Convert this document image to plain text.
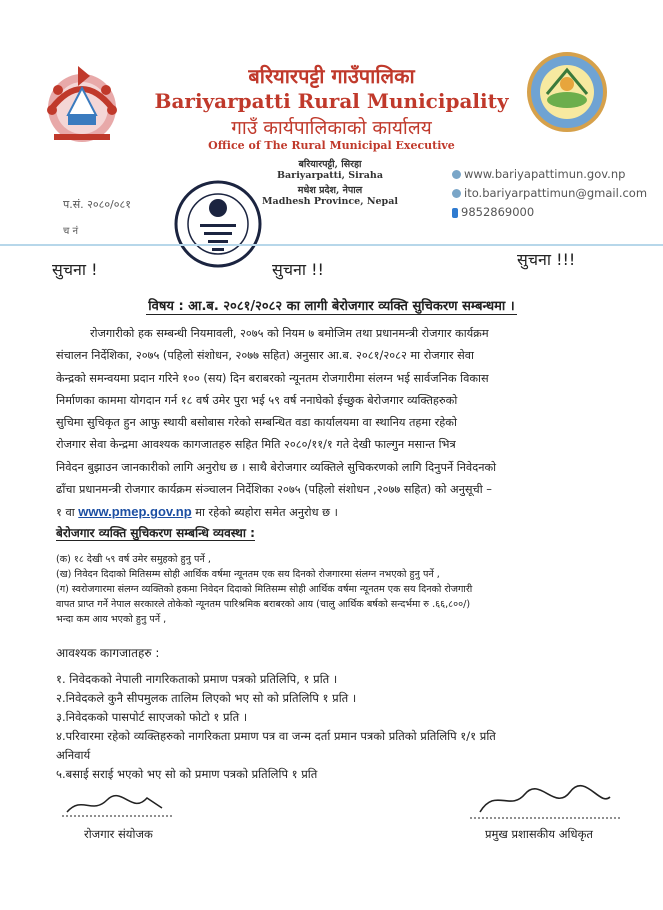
बरियारपट्टी गाउँपालिका
Bariyarpatti Rural Municipality
गाउँ कार्यपालिकाको कार्यालय
Office of The Rural Municipal Executive
बरियारपट्टी, सिरहा
Bariyarpatti, Siraha
मधेश प्रदेश, नेपाल
Madhesh Province, Nepal
www.bariyapattimun.gov.np
ito.bariyarpattimun@gmail.com
9852869000
प.सं. २०८०/०८१
च नं
सुचना !	सुचना !!
सुचना !!!
विषय : आ.ब. २०८१/२०८२ का लागी बेरोजगार व्यक्ति सुचिकरण सम्बन्धमा ।
रोजगारीको हक सम्बन्धी नियमावली, २०७५ को नियम ७ बमोजिम तथा प्रधानमन्त्री रोजगार कार्यक्रम
संचालन निर्देशिका, २०७५ (पहिलो संशोधन, २०७७ सहित) अनुसार आ.ब. २०८१/२०८२ मा रोजगार सेवा
केन्द्रको समन्वयमा प्रदान गरिने १०० (सय) दिन बराबरको न्यूनतम रोजगारीमा संलग्न भई सार्वजनिक विकास
निर्माणका काममा योगदान गर्न १८ वर्ष उमेर पुरा भई ५९ वर्ष ननाघेको ईच्छुक बेरोजगार व्यक्तिहरुको
सुचिमा सुचिकृत हुन आफु स्थायी बसोबास गरेको सम्बन्धित वडा कार्यालयमा वा स्थानिय तहमा रहेको
रोजगार सेवा केन्द्रमा आवश्यक कागजातहरु सहित मिति २०८०/११/१ गते देखी फाल्गुन मसान्त भित्र
निवेदन बुझाउन जानकारीको लागि अनुरोध छ । साथै बेरोजगार व्यक्तिले सुचिकरणको लागि दिनुपर्ने निवेदनको
ढाँचा प्रधानमन्त्री रोजगार कार्यक्रम संञ्चालन निर्देशिका २०७५ (पहिलो संशोधन ,२०७७ सहित) को अनुसूची –
१ वा www.pmep.gov.np मा रहेको ब्यहोरा समेत अनुरोध छ ।
बेरोजगार व्यक्ति सुचिकरण सम्बन्धि व्यवस्था :
(क) १८ देखी ५९ वर्ष उमेर समुहको हुनु पर्ने ,
(ख) निवेदन दिदाको मितिसम्म सोही आर्थिक वर्षमा न्यूनतम एक सय दिनको रोजगारमा संलग्न नभएको हुनु पर्ने ,
(ग) स्वरोजगारमा संलग्न व्यक्तिको हकमा निवेदन दिदाको मितिसम्म सोही आर्थिक वर्षमा न्यूनतम एक सय दिनको रोजगारी
वापत प्राप्त गर्ने नेपाल सरकारले तोकेको न्यूनतम पारिश्रमिक बराबरको आय (चालु आर्थिक बर्षको सन्दर्भमा रु .६६,८००/)
भन्दा कम आय भएको हुनु पर्ने ,
आवश्यक कागजातहरु :
१. निवेदकको नेपाली नागरिकताको प्रमाण पत्रको प्रतिलिपि, १ प्रति ।
२.निवेदकले कुनै सीपमुलक तालिम लिएको भए सो को प्रतिलिपि १ प्रति ।
३.निवेदकको पासपोर्ट साएजको फोटो १ प्रति ।
४.परिवारमा रहेको व्यक्तिहरुको नागरिकता प्रमाण पत्र वा जन्म दर्ता प्रमान पत्रको प्रतिको प्रतिलिपि १/१ प्रति
अनिवार्य
५.बसाई सराई भएको भए सो को प्रमाण पत्रको प्रतिलिपि १ प्रति
रोजगार संयोजक	प्रमुख प्रशासकीय अधिकृत
